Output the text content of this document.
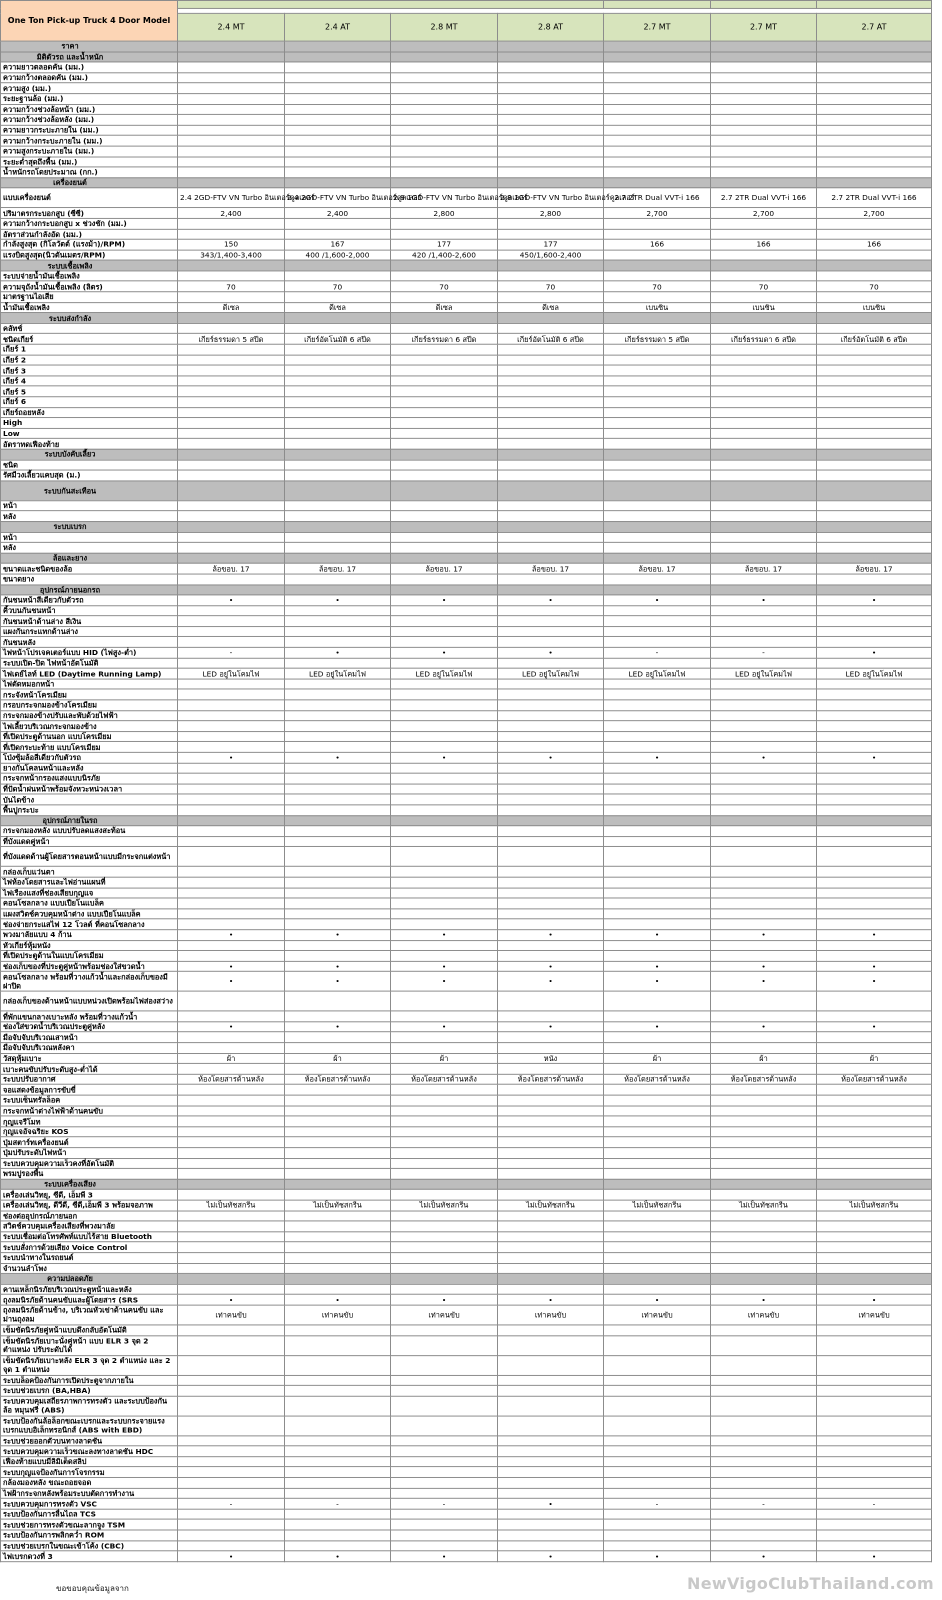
One Ton Pick-up Truck 4 Door Model							

	2.4 MT	2.4 AT	2.8 MT	2.8 AT	2.7 MT	2.7 MT	2.7 AT
ราคา							
มิติตัวรถ และน้ำหนัก							
ความยาวตลอดคัน (มม.)							
ความกว้างตลอดคัน (มม.)							
ความสูง (มม.)							
ระยะฐานล้อ (มม.)							
ความกว้างช่วงล้อหน้า (มม.)							
ความกว้างช่วงล้อหลัง (มม.)							
ความยาวกระบะภายใน (มม.)							
ความกว้างกระบะภายใน (มม.)							
ความสูงกระบะภายใน (มม.)							
ระยะต่ำสุดถึงพื้น (มม.)							
น้ำหนักรถโดยประมาณ (กก.)							
เครื่องยนต์							
แบบเครื่องยนต์	2.4 2GD-FTV VN Turbo อินเตอร์คูลเลอร์	2.4 2GD-FTV VN Turbo อินเตอร์คูลเลอร์	2.8 1GD-FTV VN Turbo อินเตอร์คูลเลอร์	2.8 1GD-FTV VN Turbo อินเตอร์คูลเลอร์	2.7 2TR Dual VVT-i 166	2.7 2TR Dual VVT-i 166	2.7 2TR Dual VVT-i 166
ปริมาตรกระบอกสูบ (ซีซี)	2,400	2,400	2,800	2,800	2,700	2,700	2,700
ความกว้างกระบอกสูบ x ช่วงชัก (มม.)							
อัตราส่วนกำลังอัด (มม.)							
กำลังสูงสุด (กิโลวัตต์ (แรงม้า)/RPM)	150	167	177	177	166	166	166
แรงบิดสูงสุด(นิวตันเมตร/RPM)	343/1,400-3,400	400 /1,600-2,000	420 /1,400-2,600	450/1,600-2,400			
ระบบเชื้อเพลิง							
ระบบจ่ายน้ำมันเชื้อเพลิง							
ความจุถังน้ำมันเชื้อเพลิง (ลิตร)	70	70	70	70	70	70	70
มาตรฐานไอเสีย							
น้ำมันเชื้อเพลิง	ดีเซล	ดีเซล	ดีเซล	ดีเซล	เบนซิน	เบนซิน	เบนซิน
ระบบส่งกำลัง							
คลัทช์							
ชนิดเกียร์	เกียร์ธรรมดา 5 สปีด	เกียร์อัตโนมัติ 6 สปีด	เกียร์ธรรมดา 6 สปีด	เกียร์อัตโนมัติ 6 สปีด	เกียร์ธรรมดา 5 สปีด	เกียร์ธรรมดา 6 สปีด	เกียร์อัตโนมัติ 6 สปีด
เกียร์ 1							
เกียร์ 2							
เกียร์ 3							
เกียร์ 4							
เกียร์ 5							
เกียร์ 6							
เกียร์ถอยหลัง							
High							
Low							
อัตราทดเฟืองท้าย							
ระบบบังคับเลี้ยว							
ชนิด							
รัศมีวงเลี้ยวแคบสุด (ม.)							
ระบบกันสะเทือน							
หน้า							
หลัง							
ระบบเบรก							
หน้า							
หลัง							
ล้อและยาง							
ขนาดและชนิดของล้อ	ล้อขอบ. 17	ล้อขอบ. 17	ล้อขอบ. 17	ล้อขอบ. 17	ล้อขอบ. 17	ล้อขอบ. 17	ล้อขอบ. 17
ขนาดยาง							
อุปกรณ์ภายนอกรถ							
กันชนหน้าสีเดียวกับตัวรถ	•	•	•	•	•	•	•
คิ้วบนกันชนหน้า							
กันชนหน้าด้านล่าง สีเงิน							
แผงกันกระแทกด้านล่าง							
กันชนหลัง							
ไฟหน้าโปรเจคเตอร์แบบ HID (ไฟสูง-ต่ำ)	-	•	•	•	-	-	•
ระบบเปิด-ปิด ไฟหน้าอัตโนมัติ							
ไฟเดย์ไลท์ LED (Daytime Running Lamp)	LED อยู่ในโคมไฟ	LED อยู่ในโคมไฟ	LED อยู่ในโคมไฟ	LED อยู่ในโคมไฟ	LED อยู่ในโคมไฟ	LED อยู่ในโคมไฟ	LED อยู่ในโคมไฟ
ไฟตัดหมอกหน้า							
กระจังหน้าโครเมียม							
กรอบกระจกมองข้างโครเมียม							
กระจกมองข้างปรับและพับด้วยไฟฟ้า							
ไฟเลี้ยวบริเวณกระจกมองข้าง							
ที่เปิดประตูด้านนอก แบบโครเมียม							
ที่เปิดกระบะท้าย แบบโครเมียม							
โป่งซุ้มล้อสีเดียวกับตัวรถ	•	•	•	•	•	•	•
ยางกันโคลนหน้าและหลัง							
กระจกหน้ากรองแสงแบบนิรภัย							
ที่ปัดน้ำฝนหน้าพร้อมจังหวะหน่วงเวลา							
บันไดข้าง							
พื้นปูกระบะ							
อุปกรณ์ภายในรถ							
กระจกมองหลัง แบบปรับลดแสงสะท้อน							
ที่บังแดดคู่หน้า							
ที่บังแดดด้านผู้โดยสารตอนหน้าแบบมีกระจกแต่งหน้า							
กล่องเก็บแว่นตา							
ไฟห้องโดยสารและไฟอ่านแผนที่							
ไฟเรืองแสงที่ช่องเสียบกุญแจ							
คอนโซลกลาง แบบเปียโนแบล็ค							
แผงสวิตช์ควบคุมหน้าต่าง แบบเปียโนแบล็ค							
ช่องจ่ายกระแสไฟ 12 โวลต์ ที่คอนโซลกลาง							
พวงมาลัยแบบ 4 ก้าน	•	•	•	•	•	•	•
หัวเกียร์หุ้มหนัง							
ที่เปิดประตูด้านในแบบโครเมียม							
ช่องเก็บของที่ประตูคู่หน้าพร้อมช่องใส่ขวดน้ำ	•	•	•	•	•	•	•
คอนโซลกลาง พร้อมที่วางแก้วน้ำและกล่องเก็บของมีฝาปิด	•	•	•	•	•	•	•
กล่องเก็บของด้านหน้าแบบหน่วงเปิดพร้อมไฟส่องสว่าง							
ที่พักแขนกลางเบาะหลัง พร้อมที่วางแก้วน้ำ							
ช่องใส่ขวดน้ำบริเวณประตูคู่หลัง	•	•	•	•	•	•	•
มือจับจับบริเวณเสาหน้า							
มือจับจับบริเวณหลังคา							
วัสดุหุ้มเบาะ	ผ้า	ผ้า	ผ้า	หนัง	ผ้า	ผ้า	ผ้า
เบาะคนขับปรับระดับสูง-ต่ำได้							
ระบบปรับอากาศ	ห้องโดยสารด้านหลัง	ห้องโดยสารด้านหลัง	ห้องโดยสารด้านหลัง	ห้องโดยสารด้านหลัง	ห้องโดยสารด้านหลัง	ห้องโดยสารด้านหลัง	ห้องโดยสารด้านหลัง
จอแสดงข้อมูลการขับขี่							
ระบบเซ็นทรัลล็อค							
กระจกหน้าต่างไฟฟ้าด้านคนขับ							
กุญแจรีโมท							
กุญแจอัจฉริยะ KOS							
ปุ่มสตาร์ทเครื่องยนต์							
ปุ่มปรับระดับไฟหน้า							
ระบบควบคุมความเร็วคงที่อัตโนมัติ							
พรมปูรองพื้น							
ระบบเครื่องเสียง							
เครื่องเล่นวิทยุ, ซีดี, เอ็มพี 3							
เครื่องเล่นวิทยุ, ดีวีดี, ซีดี,เอ็มพี 3 พร้อมจอภาพ	ไม่เป็นทัชสกรีน	ไม่เป็นทัชสกรีน	ไม่เป็นทัชสกรีน	ไม่เป็นทัชสกรีน	ไม่เป็นทัชสกรีน	ไม่เป็นทัชสกรีน	ไม่เป็นทัชสกรีน
ช่องต่ออุปกรณ์ภายนอก							
สวิตช์ควบคุมเครื่องเสียงที่พวงมาลัย							
ระบบเชื่อมต่อโทรศัพท์แบบไร้สาย Bluetooth							
ระบบสั่งการด้วยเสียง Voice Control							
ระบบนำทางในรถยนต์							
จำนวนลำโพง							
ความปลอดภัย							
คานเหล็กนิรภัยบริเวณประตูหน้าและหลัง							
ถุงลมนิรภัยด้านคนขับและผู้โดยสาร (SRS	•	•	•	•	•	•	•
ถุงลมนิรภัยด้านข้าง, บริเวณหัวเข่าด้านคนขับ และม่านถุงลม	เท่าคนขับ	เท่าคนขับ	เท่าคนขับ	เท่าคนขับ	เท่าคนขับ	เท่าคนขับ	เท่าคนขับ
เข็มขัดนิรภัยคู่หน้าแบบดึงกลับอัตโนมัติ							
เข็มขัดนิรภัยเบาะนั่งคู่หน้า แบบ ELR 3 จุด 2 ตำแหน่ง ปรับระดับได้							
เข็มขัดนิรภัยเบาะหลัง ELR 3 จุด 2 ตำแหน่ง และ 2 จุด 1 ตำแหน่ง							
ระบบล็อคป้องกันการเปิดประตูจากภายใน							
ระบบช่วยเบรก (BA,HBA)							
ระบบควบคุมเสถียรภาพการทรงตัว และระบบป้องกันล้อ หมุนฟรี (ABS)							
ระบบป้องกันล้อล็อกขณะเบรกและระบบกระจายแรงเบรกแบบอิเล็กทรอนิกส์ (ABS with EBD)							
ระบบช่วยออกตัวบนทางลาดชัน							
ระบบควบคุมความเร็วขณะลงทางลาดชัน HDC							
เฟืองท้ายแบบมีลิมิเต็ดสลิป							
ระบบกุญแจป้องกันการโจรกรรม							
กล้องมองหลัง ขณะถอยจอด							
ไฟฝ้ากระจกหลังพร้อมระบบตัดการทำงาน							
ระบบควบคุมการทรงตัว VSC	-	-	-	•	-	-	-
ระบบป้องกันการลื่นไถล TCS							
ระบบช่วยการทรงตัวขณะลากจูง TSM							
ระบบป้องกันการพลิกคว่ำ ROM							
ระบบช่วยเบรกในขณะเข้าโค้ง (CBC)							
ไฟเบรกดวงที่ 3	•	•	•	•	•	•	•
ขอขอบคุณข้อมูลจาก	NewVigoClubThailand.com
